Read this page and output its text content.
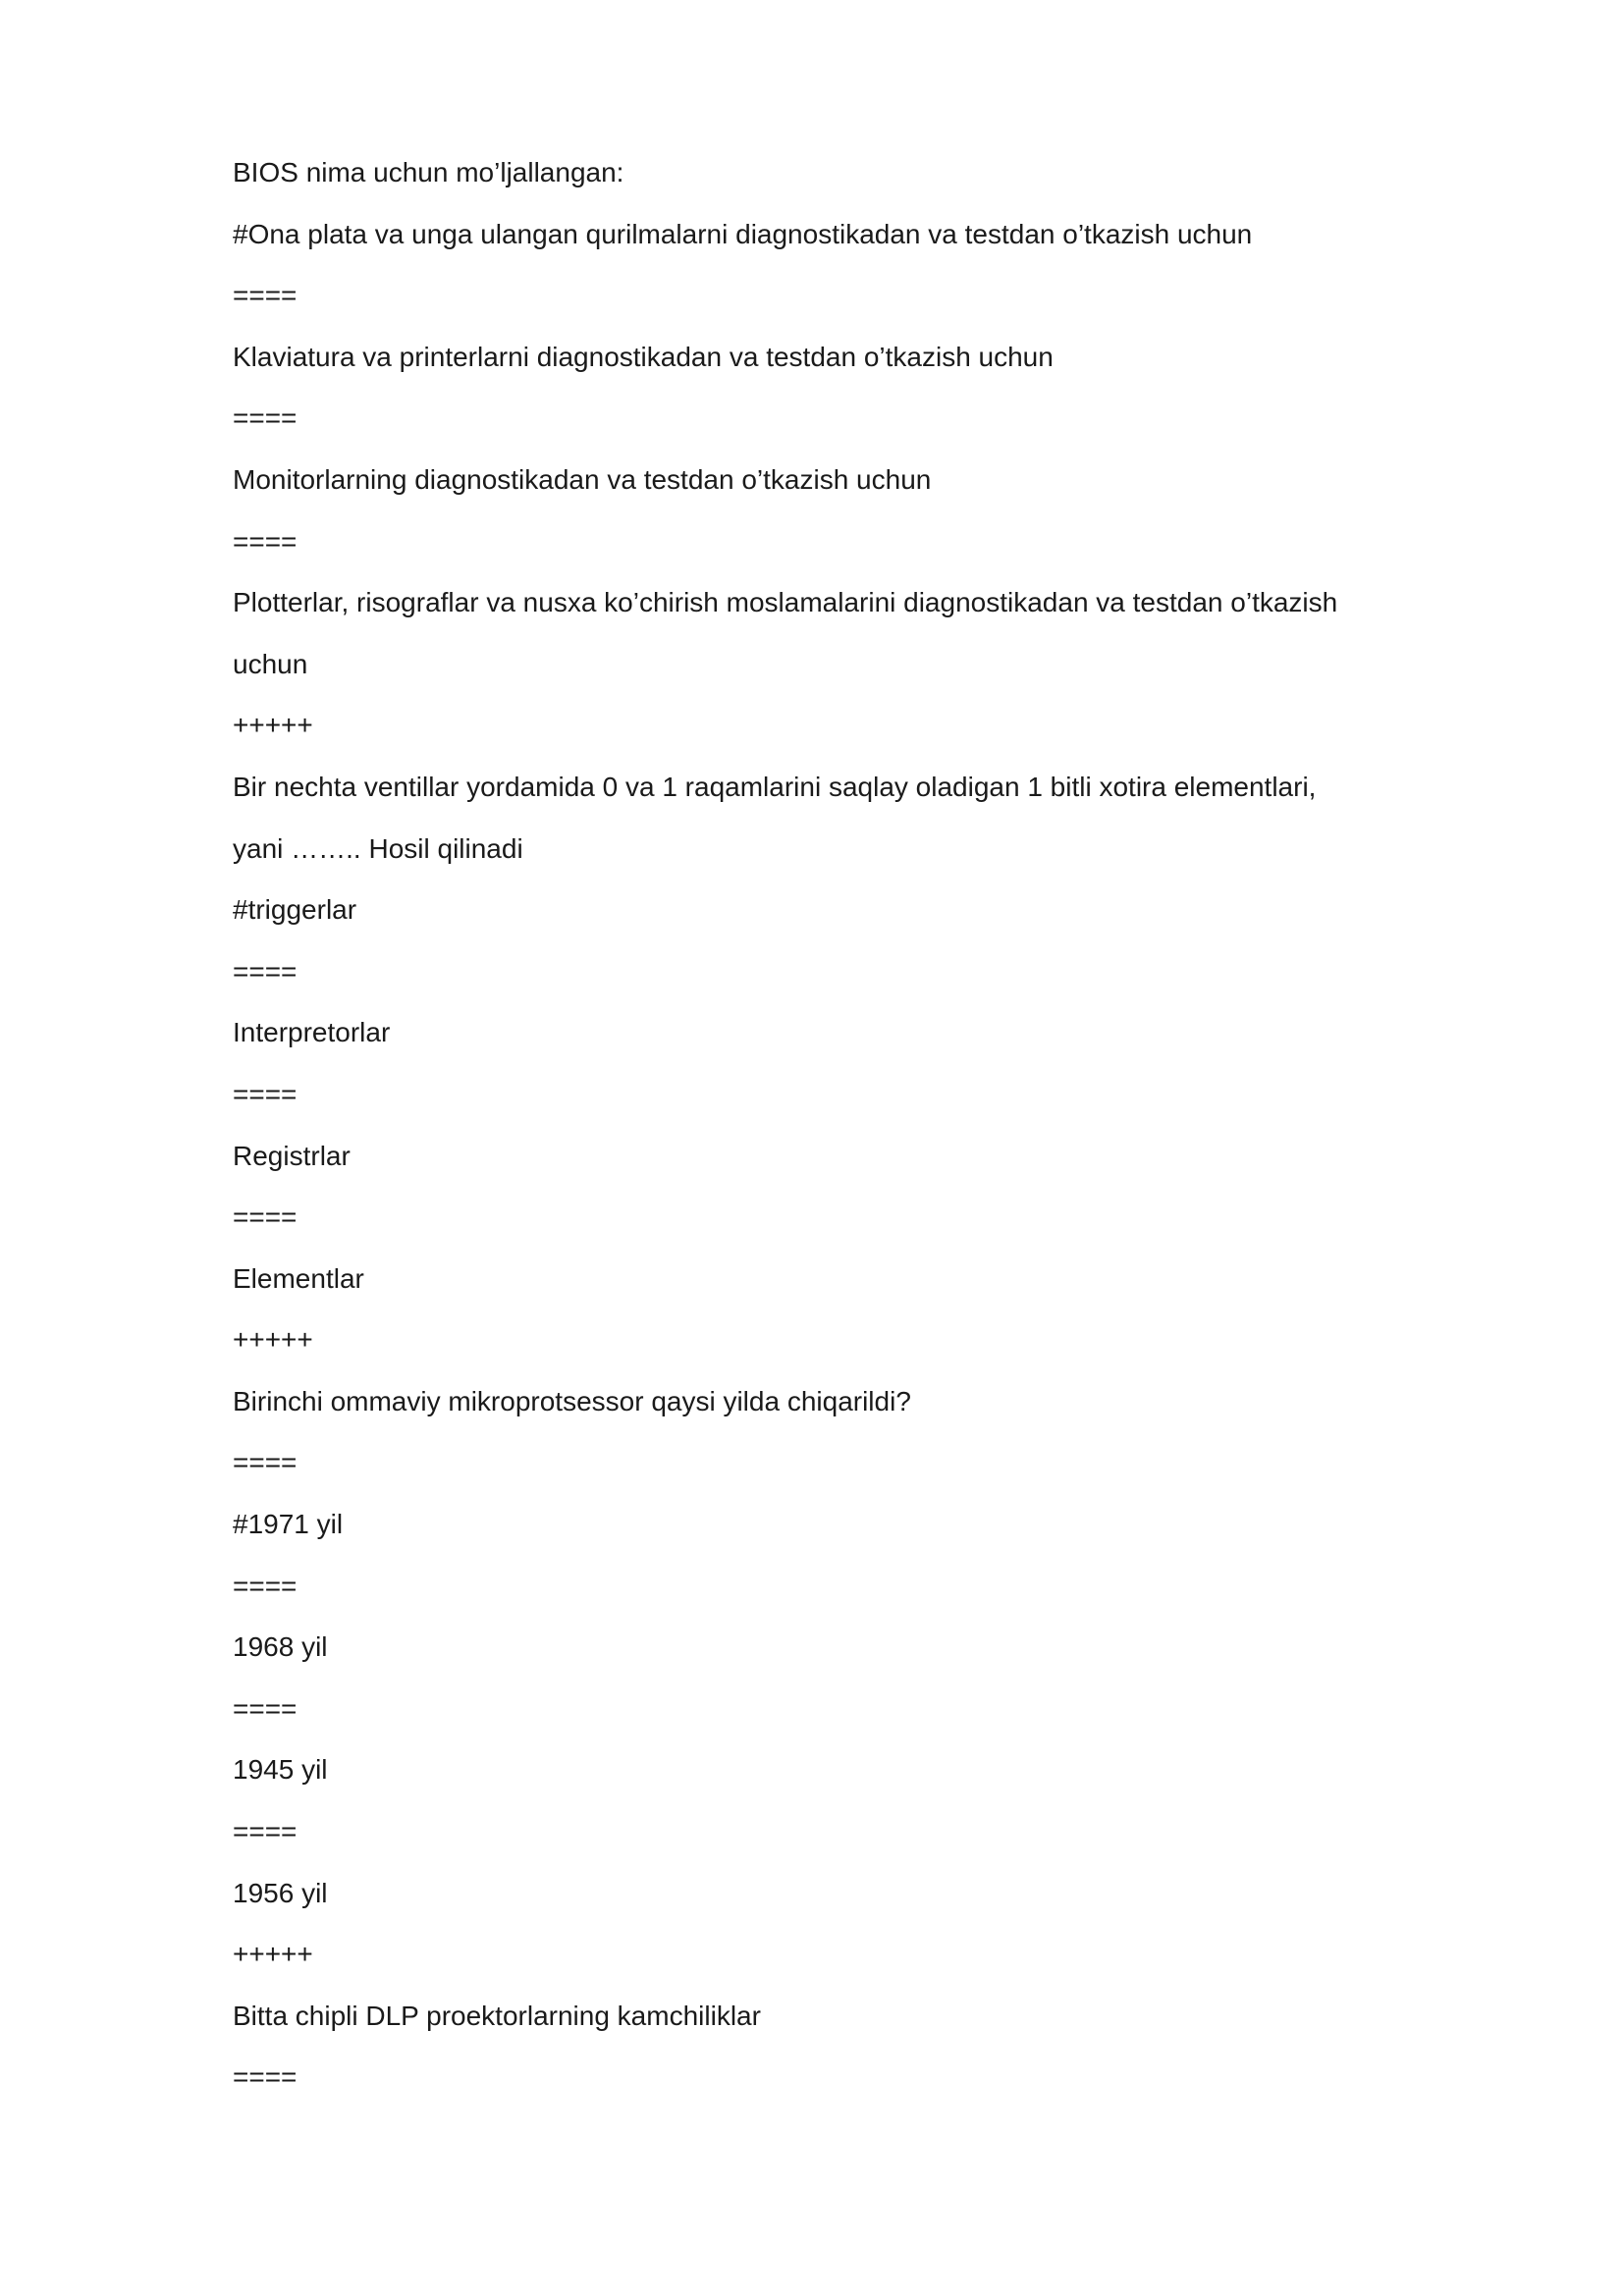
BIOS nima uchun mo’ljallangan:
#Ona plata va unga ulangan qurilmalarni diagnostikadan va testdan o’tkazish uchun
====
Klaviatura va printerlarni diagnostikadan va testdan o’tkazish uchun
====
Monitorlarning diagnostikadan va testdan o’tkazish uchun
====
Plotterlar, risograflar va nusxa ko’chirish moslamalarini diagnostikadan va testdan o’tkazish
uchun
+++++
Bir nechta ventillar yordamida 0 va 1 raqamlarini saqlay oladigan 1 bitli xotira elementlari,
yani …….. Hosil qilinadi
#triggerlar
====
Interpretorlar
====
Registrlar
====
Elementlar
+++++
Birinchi ommaviy mikroprotsessor qaysi yilda chiqarildi?
====
#1971 yil
====
1968 yil
====
1945 yil
====
1956 yil
+++++
Bitta chipli DLP proektorlarning kamchiliklar
====
